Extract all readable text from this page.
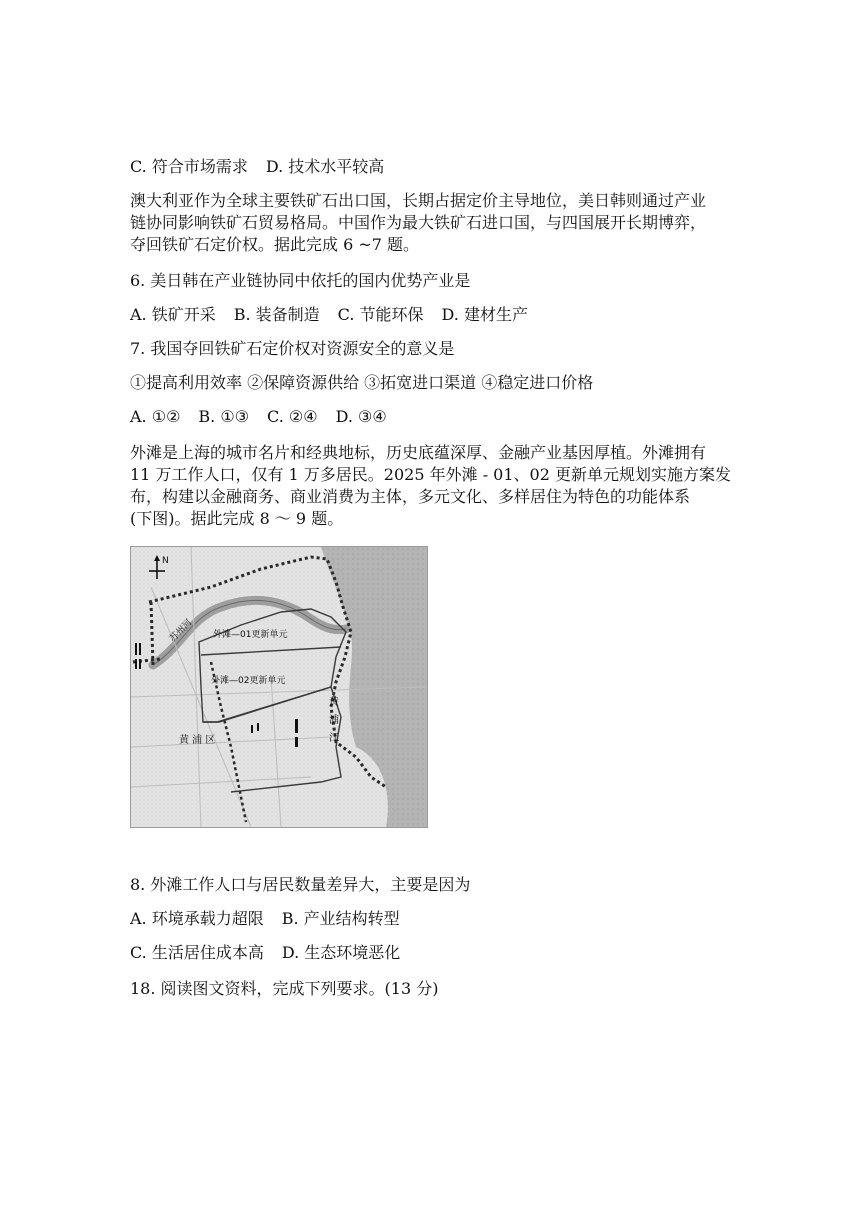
C. 符合市场需求 D. 技术水平较高
澳大利亚作为全球主要铁矿石出口国，长期占据定价主导地位，美日韩则通过产业
链协同影响铁矿石贸易格局。中国作为最大铁矿石进口国，与四国展开长期博弈，
夺回铁矿石定价权。据此完成 6 ~7 题。
6. 美日韩在产业链协同中依托的国内优势产业是
A. 铁矿开采 B. 装备制造 C. 节能环保 D. 建材生产
7. 我国夺回铁矿石定价权对资源安全的意义是
①提高利用效率 ②保障资源供给 ③拓宽进口渠道 ④稳定进口价格
A. ①② B. ①③ C. ②④ D. ③④
外滩是上海的城市名片和经典地标，历史底蕴深厚、金融产业基因厚植。外滩拥有
11 万工作人口，仅有 1 万多居民。2025 年外滩 - 01、02 更新单元规划实施方案发
布，构建以金融商务、商业消费为主体，多元文化、多样居住为特色的功能体系
(下图)。据此完成 8 ～ 9 题。
N
外滩—01更新单元
外滩—02更新单元
黄 浦 区
黄
浦
江
苏州河
8. 外滩工作人口与居民数量差异大，主要是因为
A. 环境承载力超限 B. 产业结构转型
C. 生活居住成本高 D. 生态环境恶化
18. 阅读图文资料，完成下列要求。(13 分)
